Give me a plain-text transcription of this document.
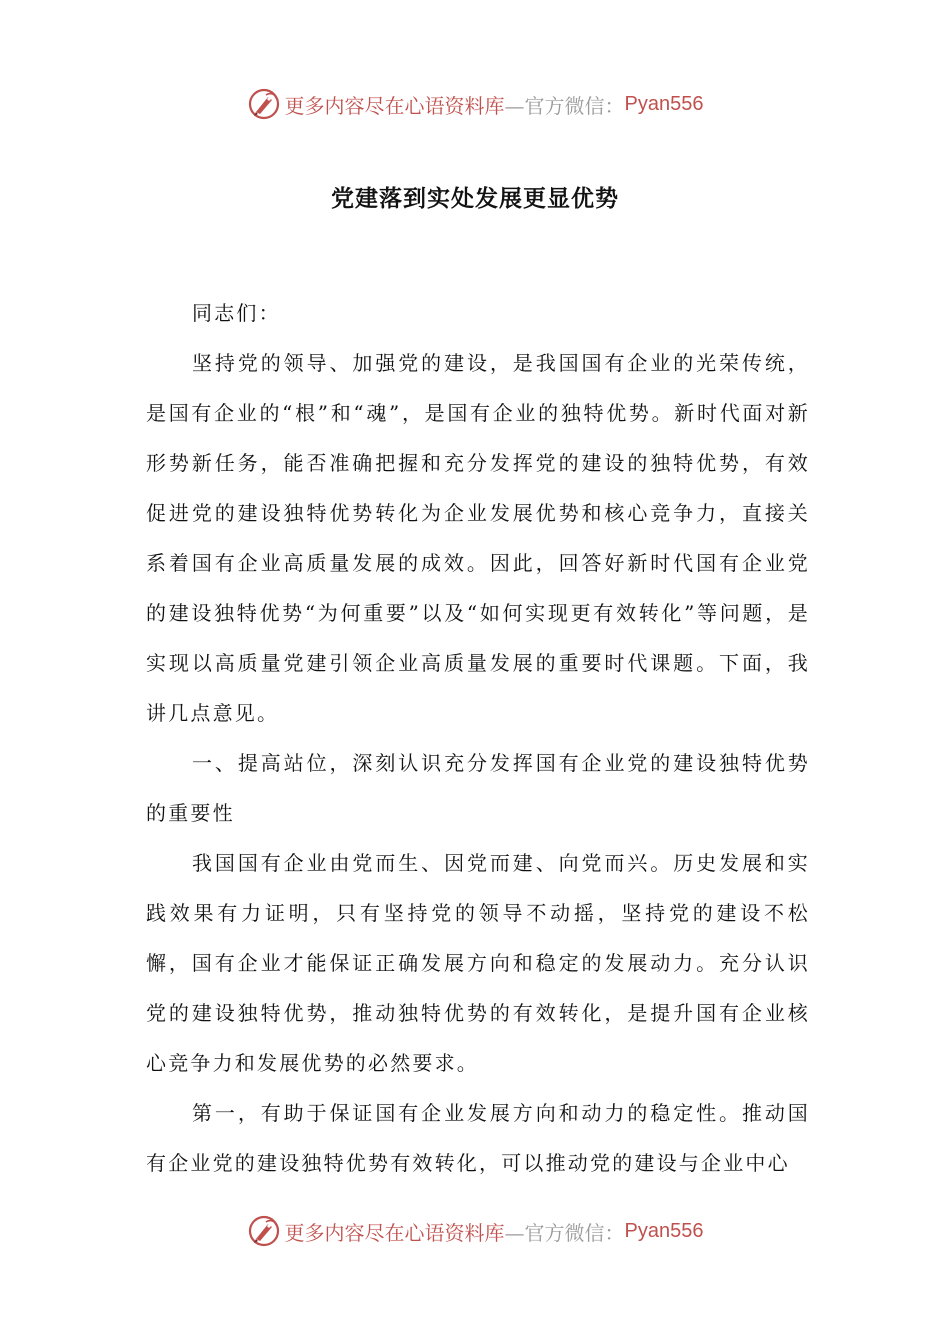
更多内容尽在心语资料库 —官方微信： Pyan556
党建落到实处发展更显优势

同志们：

坚持党的领导、加强党的建设，是我国国有企业的光荣传统，是国有企业的“根”和“魂”，是国有企业的独特优势。新时代面对新形势新任务，能否准确把握和充分发挥党的建设的独特优势，有效促进党的建设独特优势转化为企业发展优势和核心竞争力，直接关系着国有企业高质量发展的成效。因此，回答好新时代国有企业党的建设独特优势“为何重要”以及“如何实现更有效转化”等问题，是实现以高质量党建引领企业高质量发展的重要时代课题。下面，我讲几点意见。

一、提高站位，深刻认识充分发挥国有企业党的建设独特优势的重要性

我国国有企业由党而生、因党而建、向党而兴。历史发展和实践效果有力证明，只有坚持党的领导不动摇，坚持党的建设不松懈，国有企业才能保证正确发展方向和稳定的发展动力。充分认识党的建设独特优势，推动独特优势的有效转化，是提升国有企业核心竞争力和发展优势的必然要求。

第一，有助于保证国有企业发展方向和动力的稳定性。推动国有企业党的建设独特优势有效转化，可以推动党的建设与企业中心

更多内容尽在心语资料库 —官方微信： Pyan556
